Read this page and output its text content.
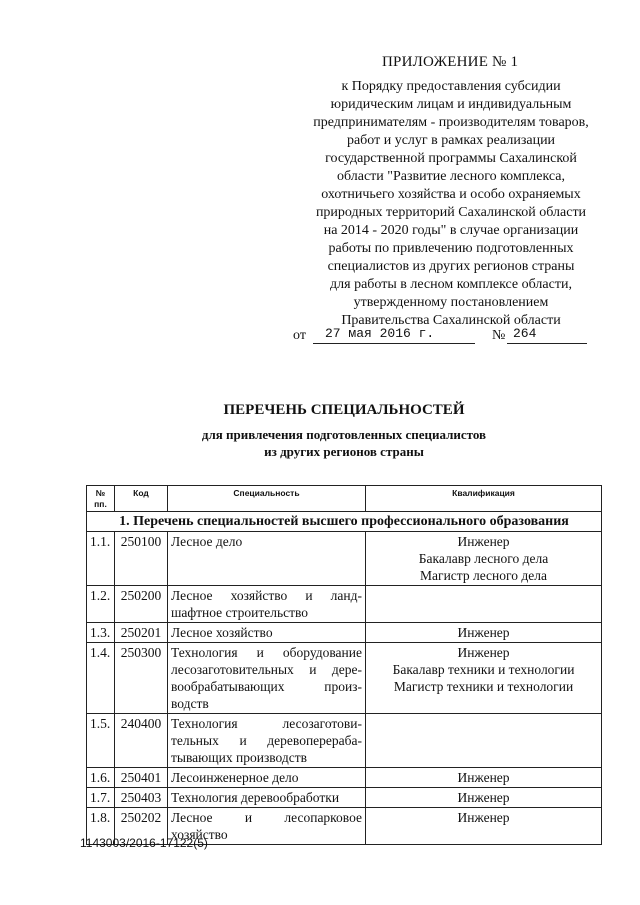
ПРИЛОЖЕНИЕ № 1
к Порядку предоставления субсидии
юридическим лицам и индивидуальным
предпринимателям - производителям товаров,
работ и услуг в рамках реализации
государственной программы Сахалинской
области "Развитие лесного комплекса,
охотничьего хозяйства и особо охраняемых
природных территорий Сахалинской области
на 2014 - 2020 годы" в случае организации
работы по привлечению подготовленных
специалистов из других регионов страны
для работы в лесном комплексе области,
утвержденному постановлением
Правительства Сахалинской области
от	27 мая 2016 г.	№ 264
ПЕРЕЧЕНЬ СПЕЦИАЛЬНОСТЕЙ
для привлечения подготовленных специалистов
из других регионов страны
№
пп.	Код	Специальность	Квалификация
1. Перечень специальностей высшего профессионального образования			
1.1.	250100	Лесное дело	Инженер
Бакалавр лесного дела
Магистр лесного дела

1.2.	250200	Лесное хозяйство и ланд-шафтное строительство	
1.3.	250201	Лесное хозяйство	Инженер

1.4.	250300	Технология и оборудование лесозаготовительных и дере-вообрабатывающих произ-водств	Инженер
Бакалавр техники и технологии
Магистр техники и технологии

1.5.	240400	Технология лесозаготови-тельных и деревоперераба-тывающих производств	
1.6.	250401	Лесоинженерное дело	Инженер

1.7.	250403	Технология деревообработки	Инженер

1.8.	250202	Лесное и лесопарковое хозяйство	Инженер
1143003/2016-17122(5)
